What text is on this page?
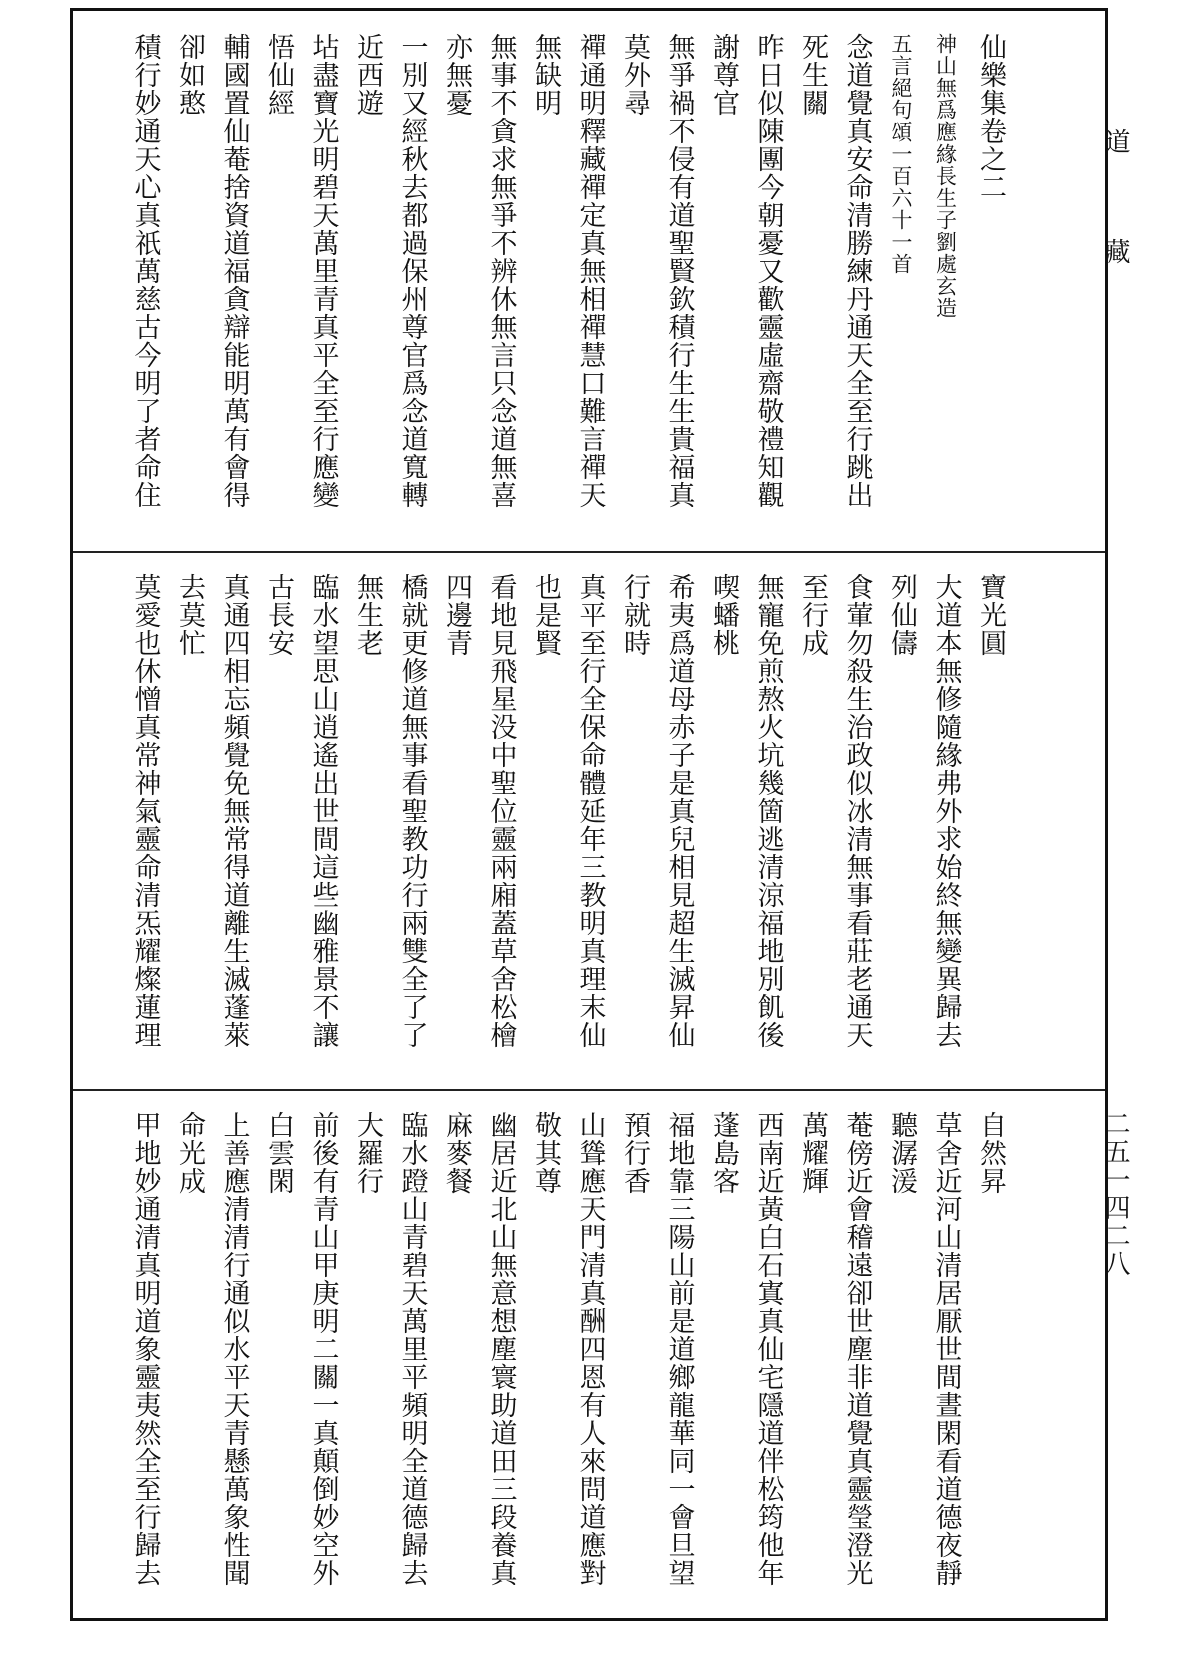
仙樂集卷之二
神山無爲應緣長生子劉處玄造
五言絕句頌一百六十一首
念道覺真安命清勝練丹通天全至行跳出
死生關
昨日似陳團今朝憂又歡靈虛齋敬禮知觀
謝尊官
無爭禍不侵有道聖賢欽積行生生貴福真
莫外尋
禪通明釋藏禪定真無相禪慧口難言禪天
無缺明
無事不貪求無爭不辨休無言只念道無喜
亦無憂
一別又經秋去都過保州尊官爲念道寬轉
近西遊
坫盡寶光明碧天萬里青真平全至行應變
悟仙經
輔國置仙菴捨資道福貪辯能明萬有會得
卻如憨
積行妙通天心真祇萬慈古今明了者命住
寶光圓
大道本無修隨緣弗外求始終無變異歸去
列仙儔
食葷勿殺生治政似冰清無事看莊老通天
至行成
無寵免煎熬火坑幾箇逃清涼福地別飢後
喫蟠桃
希夷爲道母赤子是真兒相見超生滅昇仙
行就時
真平至行全保命體延年三教明真理末仙
也是賢
看地見飛星没中聖位靈兩廂蓋草舍松檜
四邊青
橋就更修道無事看聖教功行兩雙全了了
無生老
臨水望思山逍遙出世間這些幽雅景不讓
古長安
真通四相忘頻覺免無常得道離生滅蓬萊
去莫忙
莫愛也休憎真常神氣靈命清炁耀燦蓮理
自然昇
草舍近河山清居厭世間晝閑看道德夜靜
聽潺湲
菴傍近會稽遠卻世塵非道覺真靈瑩澄光
萬耀輝
西南近黃白石寘真仙宅隱道伴松筠他年
蓬島客
福地靠三陽山前是道鄉龍華同一會旦望
預行香
山聳應天門清真酬四恩有人來問道應對
敬其尊
幽居近北山無意想塵寰助道田三段養真
麻麥餐
臨水蹬山青碧天萬里平頻明全道德歸去
大羅行
前後有青山甲庚明二關一真顛倒妙空外
白雲閑
上善應清清行通似水平天青懸萬象性聞
命光成
甲地妙通清真明道象靈夷然全至行歸去
道
藏
二五一四二八
